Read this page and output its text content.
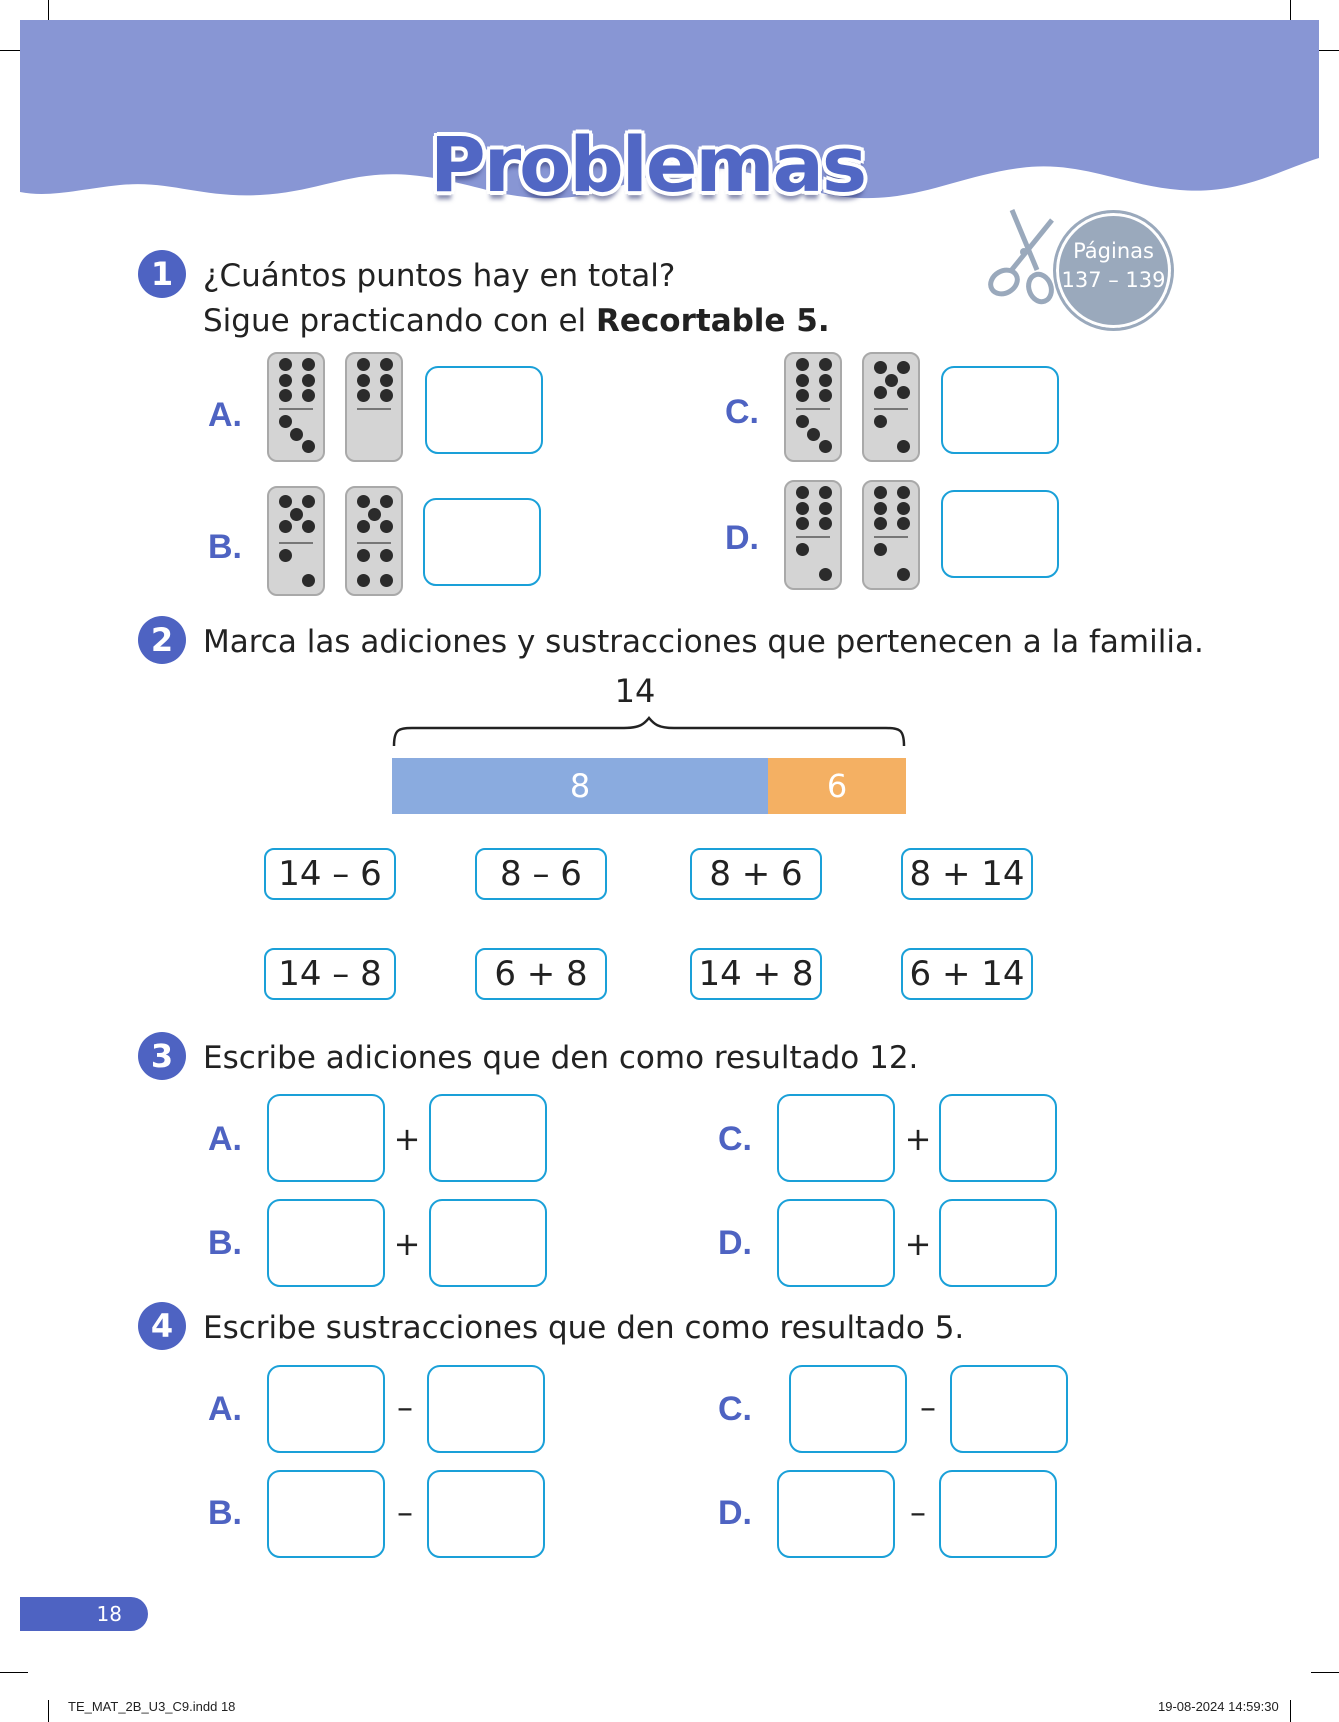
Problemas
Páginas
137 – 139
1 ¿Cuántos puntos hay en total?
Sigue practicando con el Recortable 5.
A.
B.
C.
D.
2 Marca las adiciones y sustracciones que pertenecen a la familia.
14
8	6
14 – 6	8 – 6	8 + 6	8 + 14
14 – 8	6 + 8	14 + 8	6 + 14
3 Escribe adiciones que den como resultado 12.
A.	+
B.	+
C.	+
D.	+
4 Escribe sustracciones que den como resultado 5.
A.	–
B.	–
C.	–
D.	–
18
TE_MAT_2B_U3_C9.indd 18	19-08-2024 14:59:30
